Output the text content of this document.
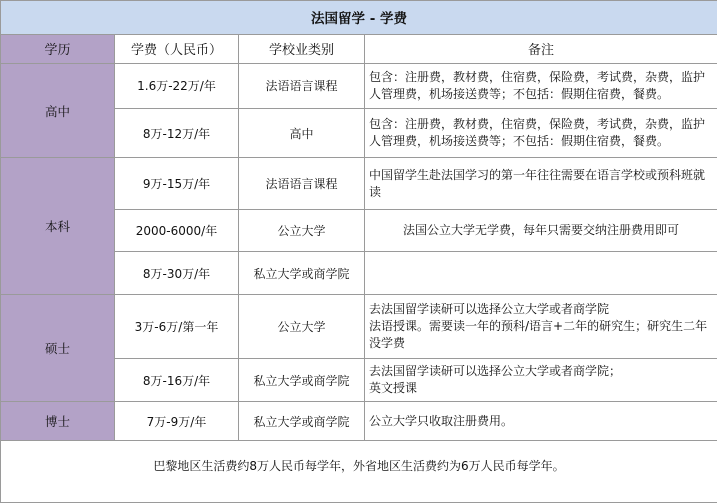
法国留学 - 学费			
学历	学费（人民币）	学校业类别	备注
高中	1.6万-22万/年	法语语言课程	包含：注册费，教材费，住宿费，保险费，考试费，杂费，监护
人管理费，机场接送费等；不包括：假期住宿费，餐费。

	8万-12万/年	高中	包含：注册费，教材费，住宿费，保险费，考试费，杂费，监护
人管理费，机场接送费等；不包括：假期住宿费，餐费。

本科	9万-15万/年	法语语言课程	中国留学生赴法国学习的第一年往往需要在语言学校或预科班就
读

	2000-6000/年	公立大学	法国公立大学无学费，每年只需要交纳注册费用即可
	8万-30万/年	私立大学或商学院	
硕士	3万-6万/第一年	公立大学	去法国留学读研可以选择公立大学或者商学院
法语授课。需要读一年的预科/语言+二年的研究生；研究生二年
没学费

	8万-16万/年	私立大学或商学院	去法国留学读研可以选择公立大学或者商学院；
英文授课

博士	7万-9万/年	私立大学或商学院	公立大学只收取注册费用。

巴黎地区生活费约8万人民币每学年，外省地区生活费约为6万人民币每学年。			
